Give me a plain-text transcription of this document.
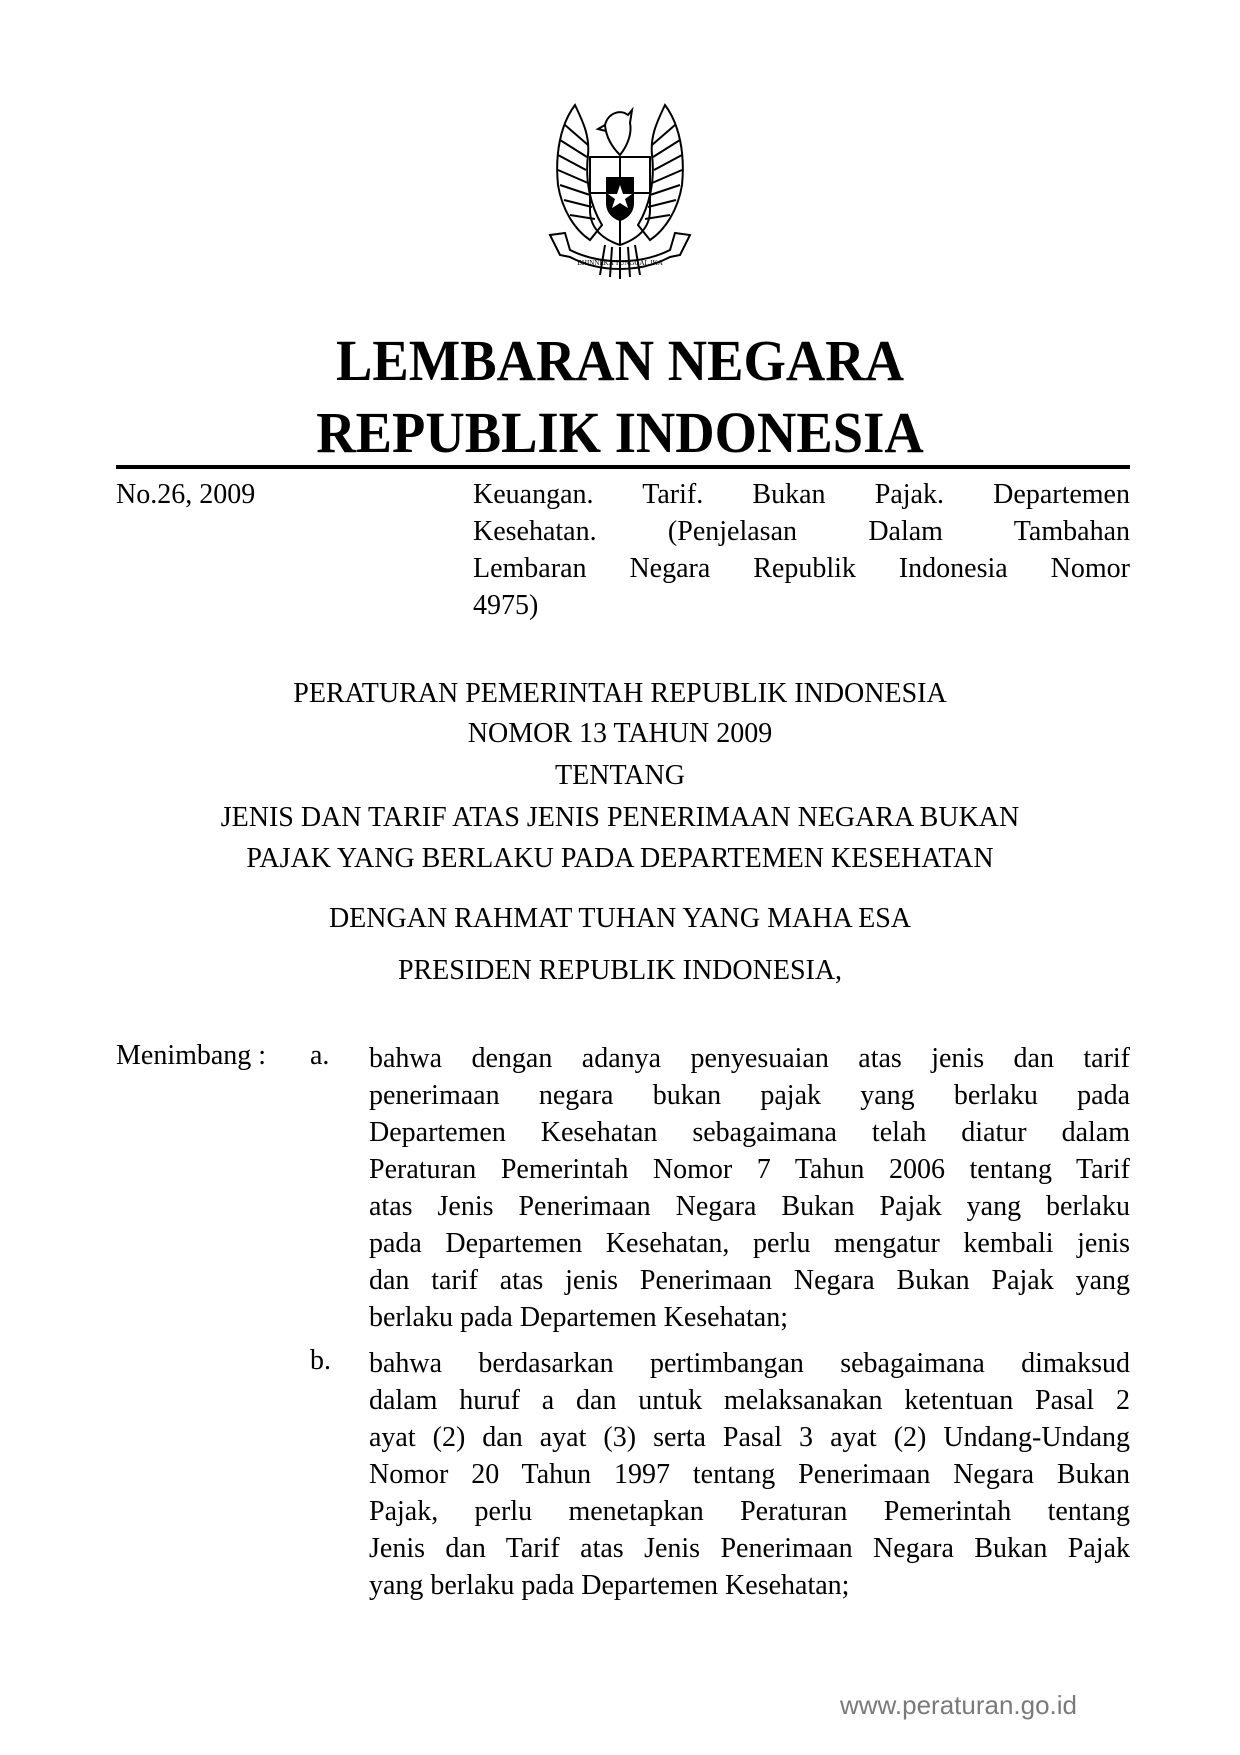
BHINNEKA TUNGGAL IKA
LEMBARAN NEGARA
REPUBLIK INDONESIA
No.26, 2009	Keuangan. Tarif. Bukan Pajak. Departemen
Kesehatan. (Penjelasan Dalam Tambahan
Lembaran Negara Republik Indonesia Nomor
4975)
PERATURAN PEMERINTAH REPUBLIK INDONESIA
NOMOR 13 TAHUN 2009
TENTANG
JENIS DAN TARIF ATAS JENIS PENERIMAAN NEGARA BUKAN
PAJAK YANG BERLAKU PADA DEPARTEMEN KESEHATAN
DENGAN RAHMAT TUHAN YANG MAHA ESA
PRESIDEN REPUBLIK INDONESIA,
Menimbang : a. bahwa dengan adanya penyesuaian atas jenis dan tarif
penerimaan negara bukan pajak yang berlaku pada
Departemen Kesehatan sebagaimana telah diatur dalam
Peraturan Pemerintah Nomor 7 Tahun 2006 tentang Tarif
atas Jenis Penerimaan Negara Bukan Pajak yang berlaku
pada Departemen Kesehatan, perlu mengatur kembali jenis
dan tarif atas jenis Penerimaan Negara Bukan Pajak yang
berlaku pada Departemen Kesehatan;
b. bahwa berdasarkan pertimbangan sebagaimana dimaksud
dalam huruf a dan untuk melaksanakan ketentuan Pasal 2
ayat (2) dan ayat (3) serta Pasal 3 ayat (2) Undang-Undang
Nomor 20 Tahun 1997 tentang Penerimaan Negara Bukan
Pajak, perlu menetapkan Peraturan Pemerintah tentang
Jenis dan Tarif atas Jenis Penerimaan Negara Bukan Pajak
yang berlaku pada Departemen Kesehatan;
www.peraturan.go.id
